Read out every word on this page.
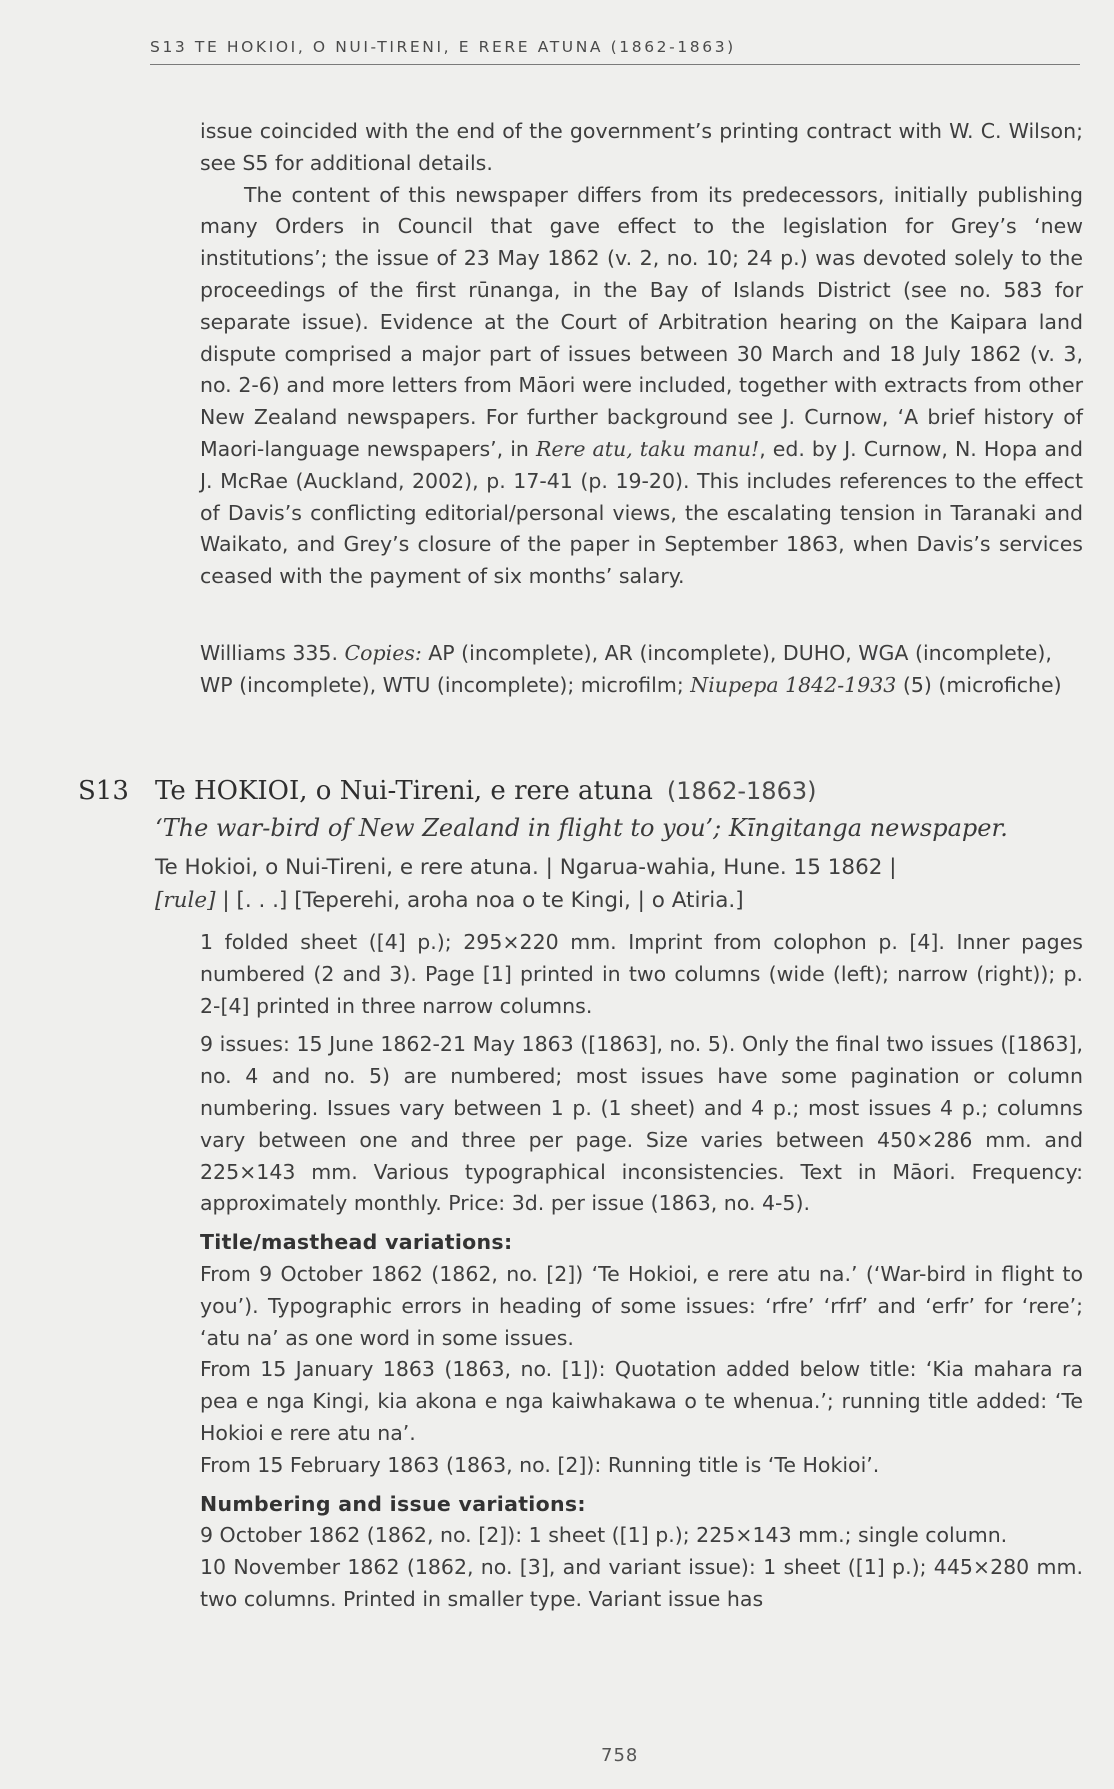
S13 TE HOKIOI, O NUI-TIRENI, E RERE ATUNA (1862-1863)

issue coincided with the end of the government’s printing contract with W. C. Wilson; see S5 for additional details.

The content of this newspaper differs from its predecessors, initially publishing many Orders in Council that gave effect to the legislation for Grey’s ‘new institutions’; the issue of 23 May 1862 (v. 2, no. 10; 24 p.) was devoted solely to the proceedings of the first rūnanga, in the Bay of Islands District (see no. 583 for separate issue). Evidence at the Court of Arbitration hearing on the Kaipara land dispute comprised a major part of issues between 30 March and 18 July 1862 (v. 3, no. 2-6) and more letters from Māori were included, together with extracts from other New Zealand newspapers. For further background see J. Curnow, ‘A brief history of Maori-language newspapers’, in Rere atu, taku manu!, ed. by J. Curnow, N. Hopa and J. McRae (Auckland, 2002), p. 17-41 (p. 19-20). This includes references to the effect of Davis’s conflicting editorial/personal views, the escalating tension in Taranaki and Waikato, and Grey’s closure of the paper in September 1863, when Davis’s services ceased with the payment of six months’ salary.

Williams 335. Copies: AP (incomplete), AR (incomplete), DUHO, WGA (incomplete), WP (incomplete), WTU (incomplete); microfilm; Niupepa 1842-1933 (5) (microfiche)

S13 Te HOKIOI, o Nui-Tireni, e rere atuna (1862-1863)
‘The war-bird of New Zealand in flight to you’; Kīngitanga newspaper.

Te Hokioi, o Nui-Tireni, e rere atuna. | Ngarua-wahia, Hune. 15 1862 |
[rule] | [. . .] [Teperehi, aroha noa o te Kingi, | o Atiria.]

1 folded sheet ([4] p.); 295×220 mm. Imprint from colophon p. [4]. Inner pages numbered (2 and 3). Page [1] printed in two columns (wide (left); narrow (right)); p. 2-[4] printed in three narrow columns.

9 issues: 15 June 1862-21 May 1863 ([1863], no. 5). Only the final two issues ([1863], no. 4 and no. 5) are numbered; most issues have some pagination or column numbering. Issues vary between 1 p. (1 sheet) and 4 p.; most issues 4 p.; columns vary between one and three per page. Size varies between 450×286 mm. and 225×143 mm. Various typographical inconsistencies. Text in Māori. Frequency: approximately monthly. Price: 3d. per issue (1863, no. 4-5).

Title/masthead variations:

From 9 October 1862 (1862, no. [2]) ‘Te Hokioi, e rere atu na.’ (‘War-bird in flight to you’). Typographic errors in heading of some issues: ‘rfre’ ‘rfrf’ and ‘erfr’ for ‘rere’; ‘atu na’ as one word in some issues.

From 15 January 1863 (1863, no. [1]): Quotation added below title: ‘Kia mahara ra pea e nga Kingi, kia akona e nga kaiwhakawa o te whenua.’; running title added: ‘Te Hokioi e rere atu na’.

From 15 February 1863 (1863, no. [2]): Running title is ‘Te Hokioi’.

Numbering and issue variations:

9 October 1862 (1862, no. [2]): 1 sheet ([1] p.); 225×143 mm.; single column.

10 November 1862 (1862, no. [3], and variant issue): 1 sheet ([1] p.); 445×280 mm. two columns. Printed in smaller type. Variant issue has

758
